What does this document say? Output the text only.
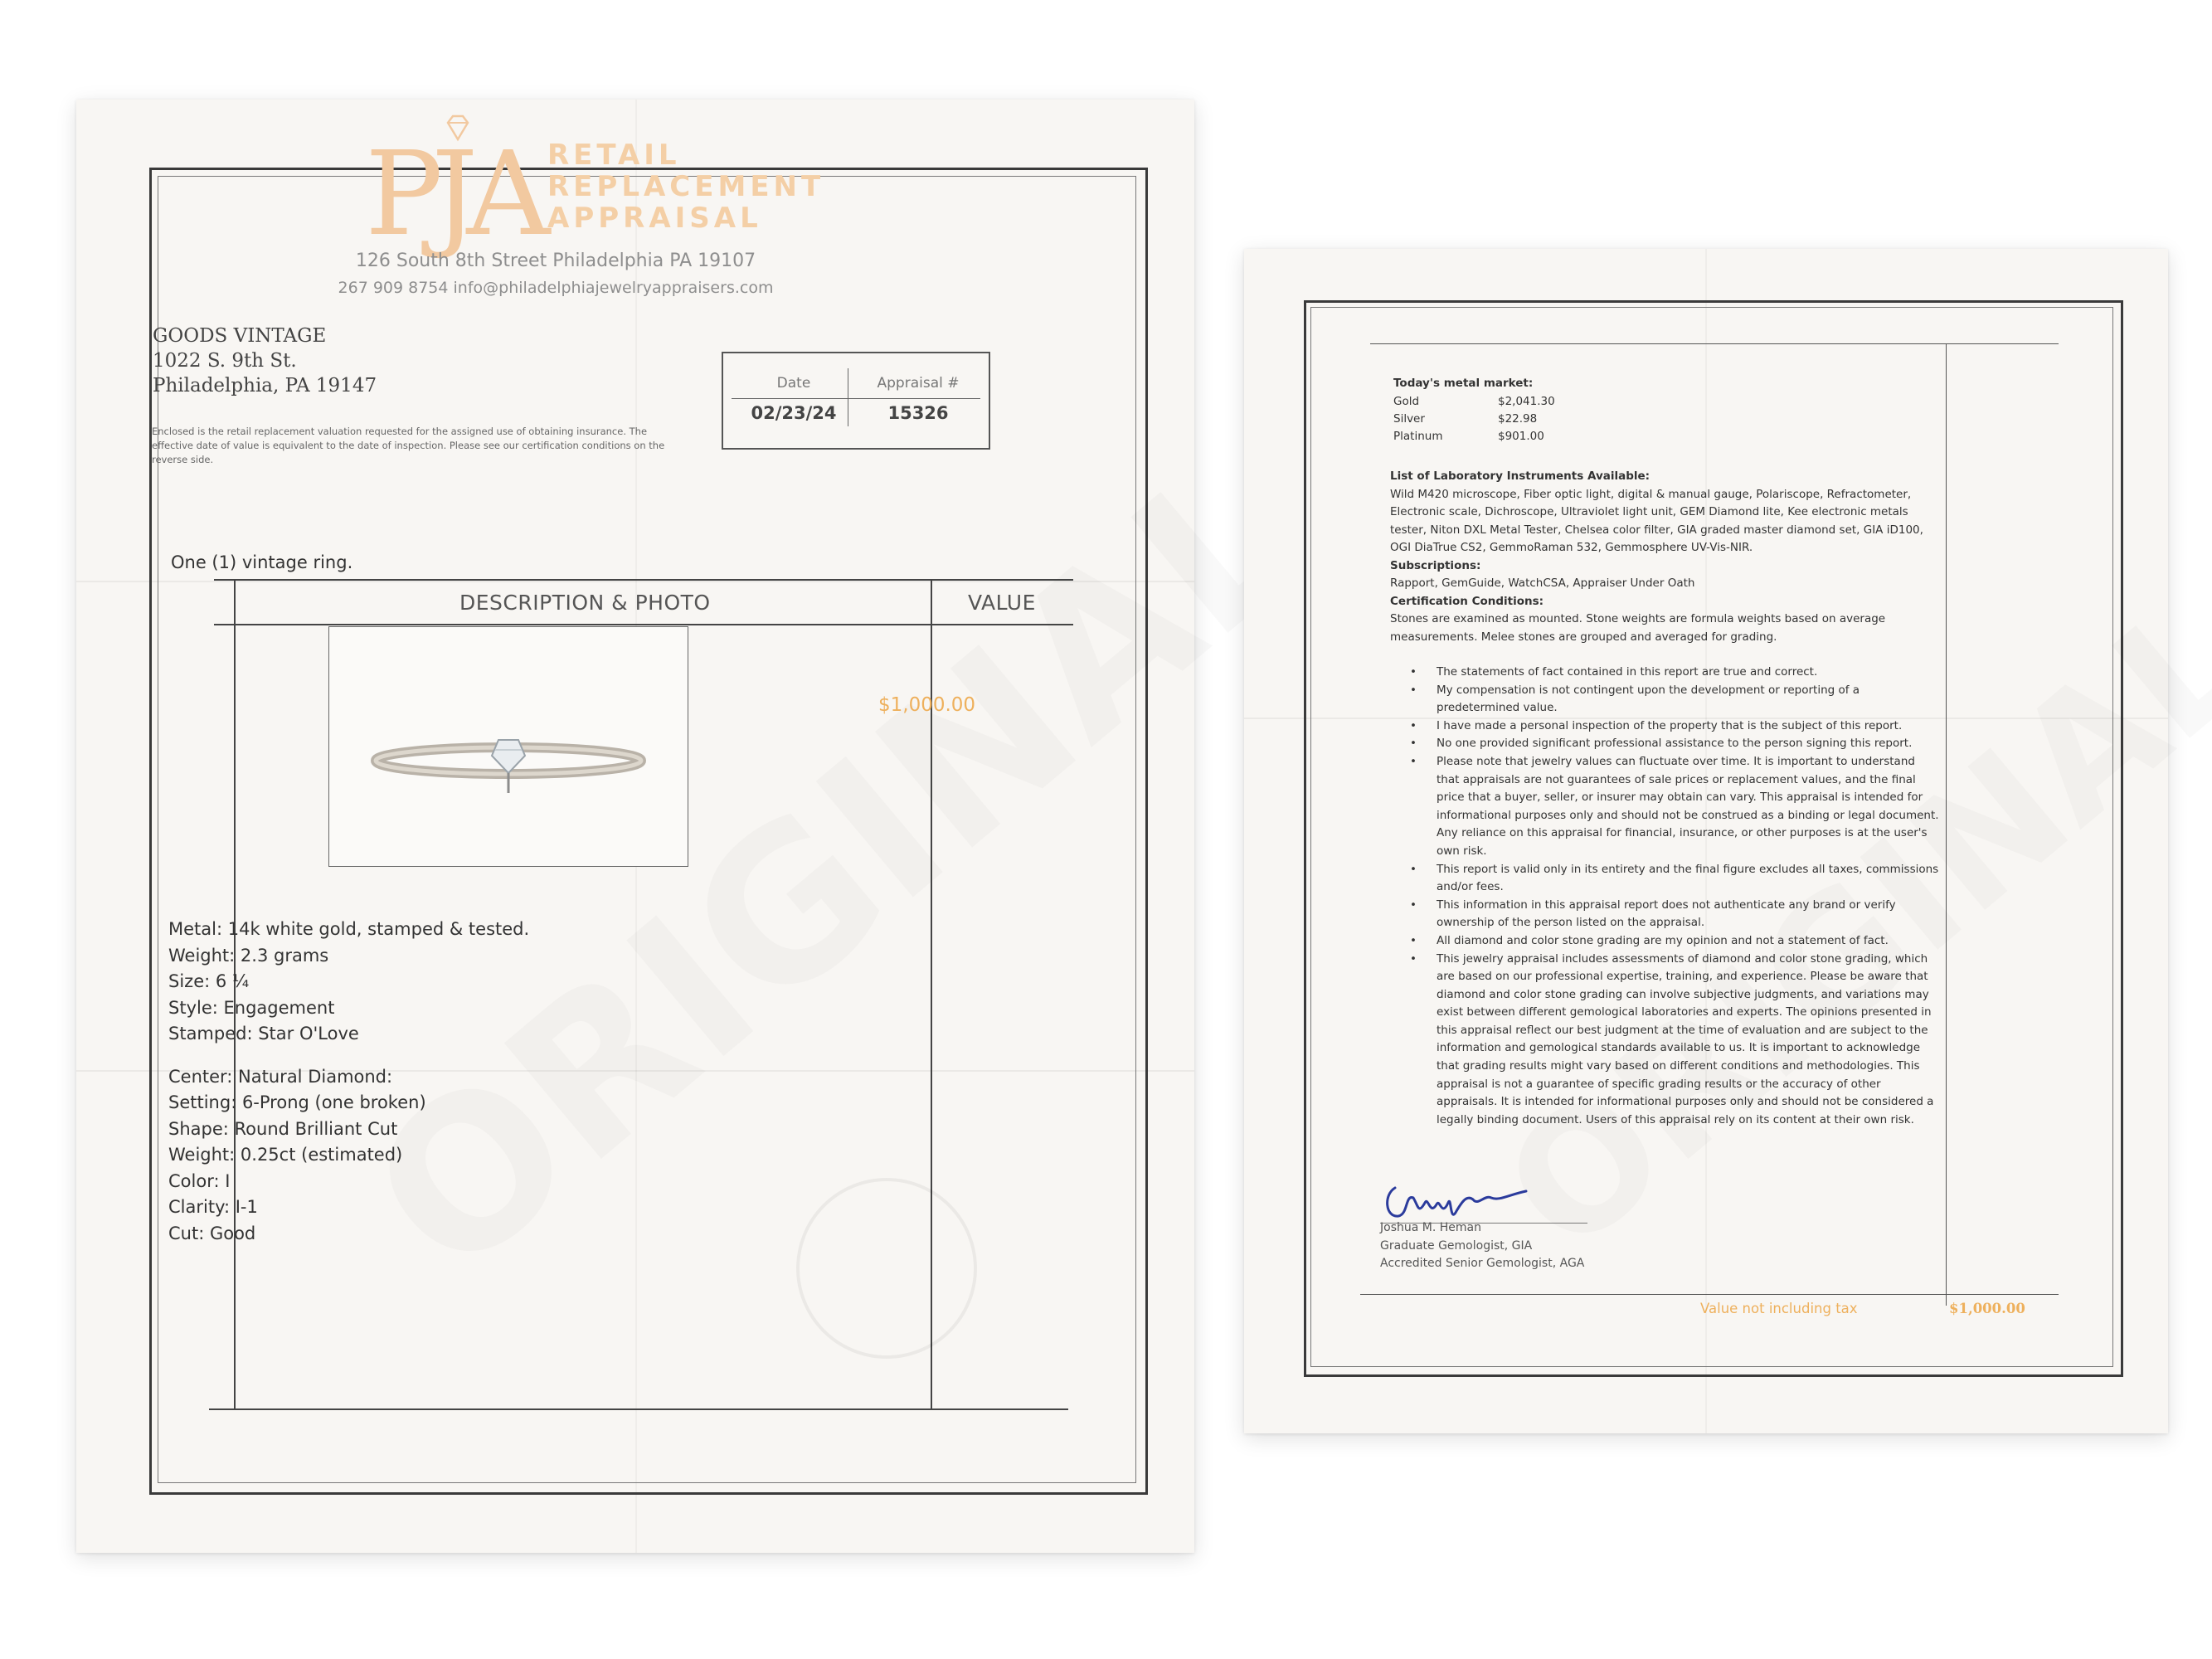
PJA RETAIL
REPLACEMENT
APPRAISAL
126 South 8th Street Philadelphia PA 19107
267 909 8754 info@philadelphiajewelryappraisers.com
GOODS VINTAGE
1022 S. 9th St.
Philadelphia, PA 19147
Enclosed is the retail replacement valuation requested for the assigned use of obtaining insurance. The effective date of value is equivalent to the date of inspection. Please see our certification conditions on the reverse side.
Date	Appraisal #
02/23/24	15326
DESCRIPTION & PHOTO	VALUE
One (1) vintage ring.
$1,000.00
Metal: 14k white gold, stamped & tested.
Weight: 2.3 grams
Size: 6 ¼
Style: Engagement
Stamped: Star O'Love
Center: Natural Diamond:
Setting: 6-Prong (one broken)
Shape: Round Brilliant Cut
Weight: 0.25ct (estimated)
Color: I
Clarity: I-1
Cut: Good
Today's metal market:
Gold	$2,041.30
Silver	$22.98
Platinum	$901.00
List of Laboratory Instruments Available:
Wild M420 microscope, Fiber optic light, digital & manual gauge, Polariscope, Refractometer, Electronic scale, Dichroscope, Ultraviolet light unit, GEM Diamond lite, Kee electronic metals tester, Niton DXL Metal Tester, Chelsea color filter, GIA graded master diamond set, GIA iD100, OGI DiaTrue CS2, GemmoRaman 532, Gemmosphere UV-Vis-NIR.
Subscriptions:
Rapport, GemGuide, WatchCSA, Appraiser Under Oath
Certification Conditions:
Stones are examined as mounted. Stone weights are formula weights based on average measurements. Melee stones are grouped and averaged for grading.
• The statements of fact contained in this report are true and correct.
• My compensation is not contingent upon the development or reporting of a predetermined value.
• I have made a personal inspection of the property that is the subject of this report.
• No one provided significant professional assistance to the person signing this report.
• Please note that jewelry values can fluctuate over time. It is important to understand that appraisals are not guarantees of sale prices or replacement values, and the final price that a buyer, seller, or insurer may obtain can vary. This appraisal is intended for informational purposes only and should not be construed as a binding or legal document. Any reliance on this appraisal for financial, insurance, or other purposes is at the user's own risk.
• This report is valid only in its entirety and the final figure excludes all taxes, commissions and/or fees.
• This information in this appraisal report does not authenticate any brand or verify ownership of the person listed on the appraisal.
• All diamond and color stone grading are my opinion and not a statement of fact.
• This jewelry appraisal includes assessments of diamond and color stone grading, which are based on our professional expertise, training, and experience. Please be aware that diamond and color stone grading can involve subjective judgments, and variations may exist between different gemological laboratories and experts. The opinions presented in this appraisal reflect our best judgment at the time of evaluation and are subject to the information and gemological standards available to us. It is important to acknowledge that grading results might vary based on different conditions and methodologies. This appraisal is not a guarantee of specific grading results or the accuracy of other appraisals. It is intended for informational purposes only and should not be considered a legally binding document. Users of this appraisal rely on its content at their own risk.
Joshua M. Heman
Graduate Gemologist, GIA
Accredited Senior Gemologist, AGA
Value not including tax	$1,000.00
